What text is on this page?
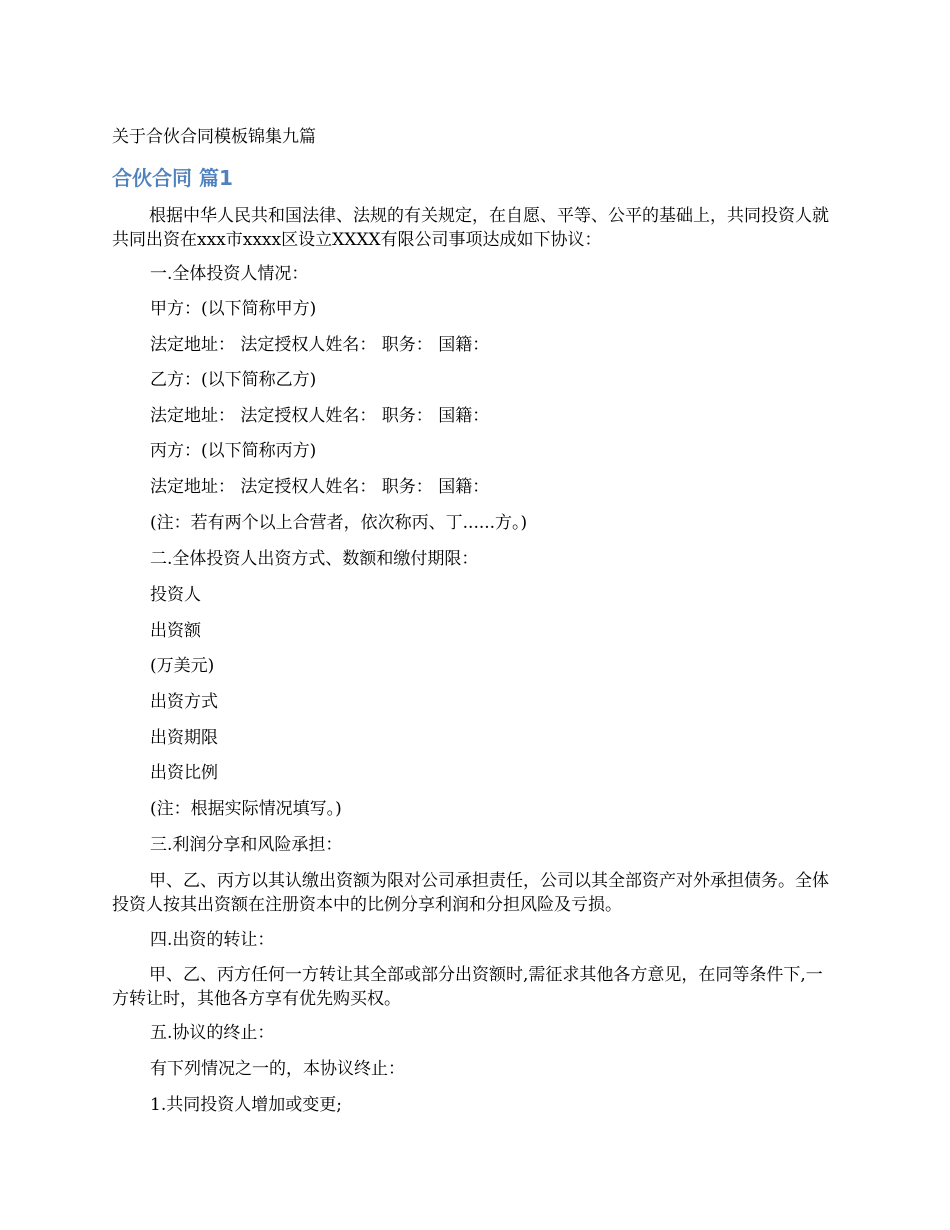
关于合伙合同模板锦集九篇
合伙合同 篇1

根据中华人民共和国法律、法规的有关规定，在自愿、平等、公平的基础上，共同投资人就共同出资在xxx市xxxx区设立XXXX有限公司事项达成如下协议：

一.全体投资人情况：
甲方：(以下简称甲方)
法定地址： 法定授权人姓名： 职务： 国籍：
乙方：(以下简称乙方)
法定地址： 法定授权人姓名： 职务： 国籍：
丙方：(以下简称丙方)
法定地址： 法定授权人姓名： 职务： 国籍：
(注：若有两个以上合营者，依次称丙、丁......方。)
二.全体投资人出资方式、数额和缴付期限：
投资人
出资额
(万美元)
出资方式
出资期限
出资比例
(注：根据实际情况填写。)
三.利润分享和风险承担：

甲、乙、丙方以其认缴出资额为限对公司承担责任，公司以其全部资产对外承担债务。全体投资人按其出资额在注册资本中的比例分享利润和分担风险及亏损。

四.出资的转让：

甲、乙、丙方任何一方转让其全部或部分出资额时,需征求其他各方意见，在同等条件下,一方转让时，其他各方享有优先购买权。

五.协议的终止：
有下列情况之一的，本协议终止：
1.共同投资人增加或变更;
